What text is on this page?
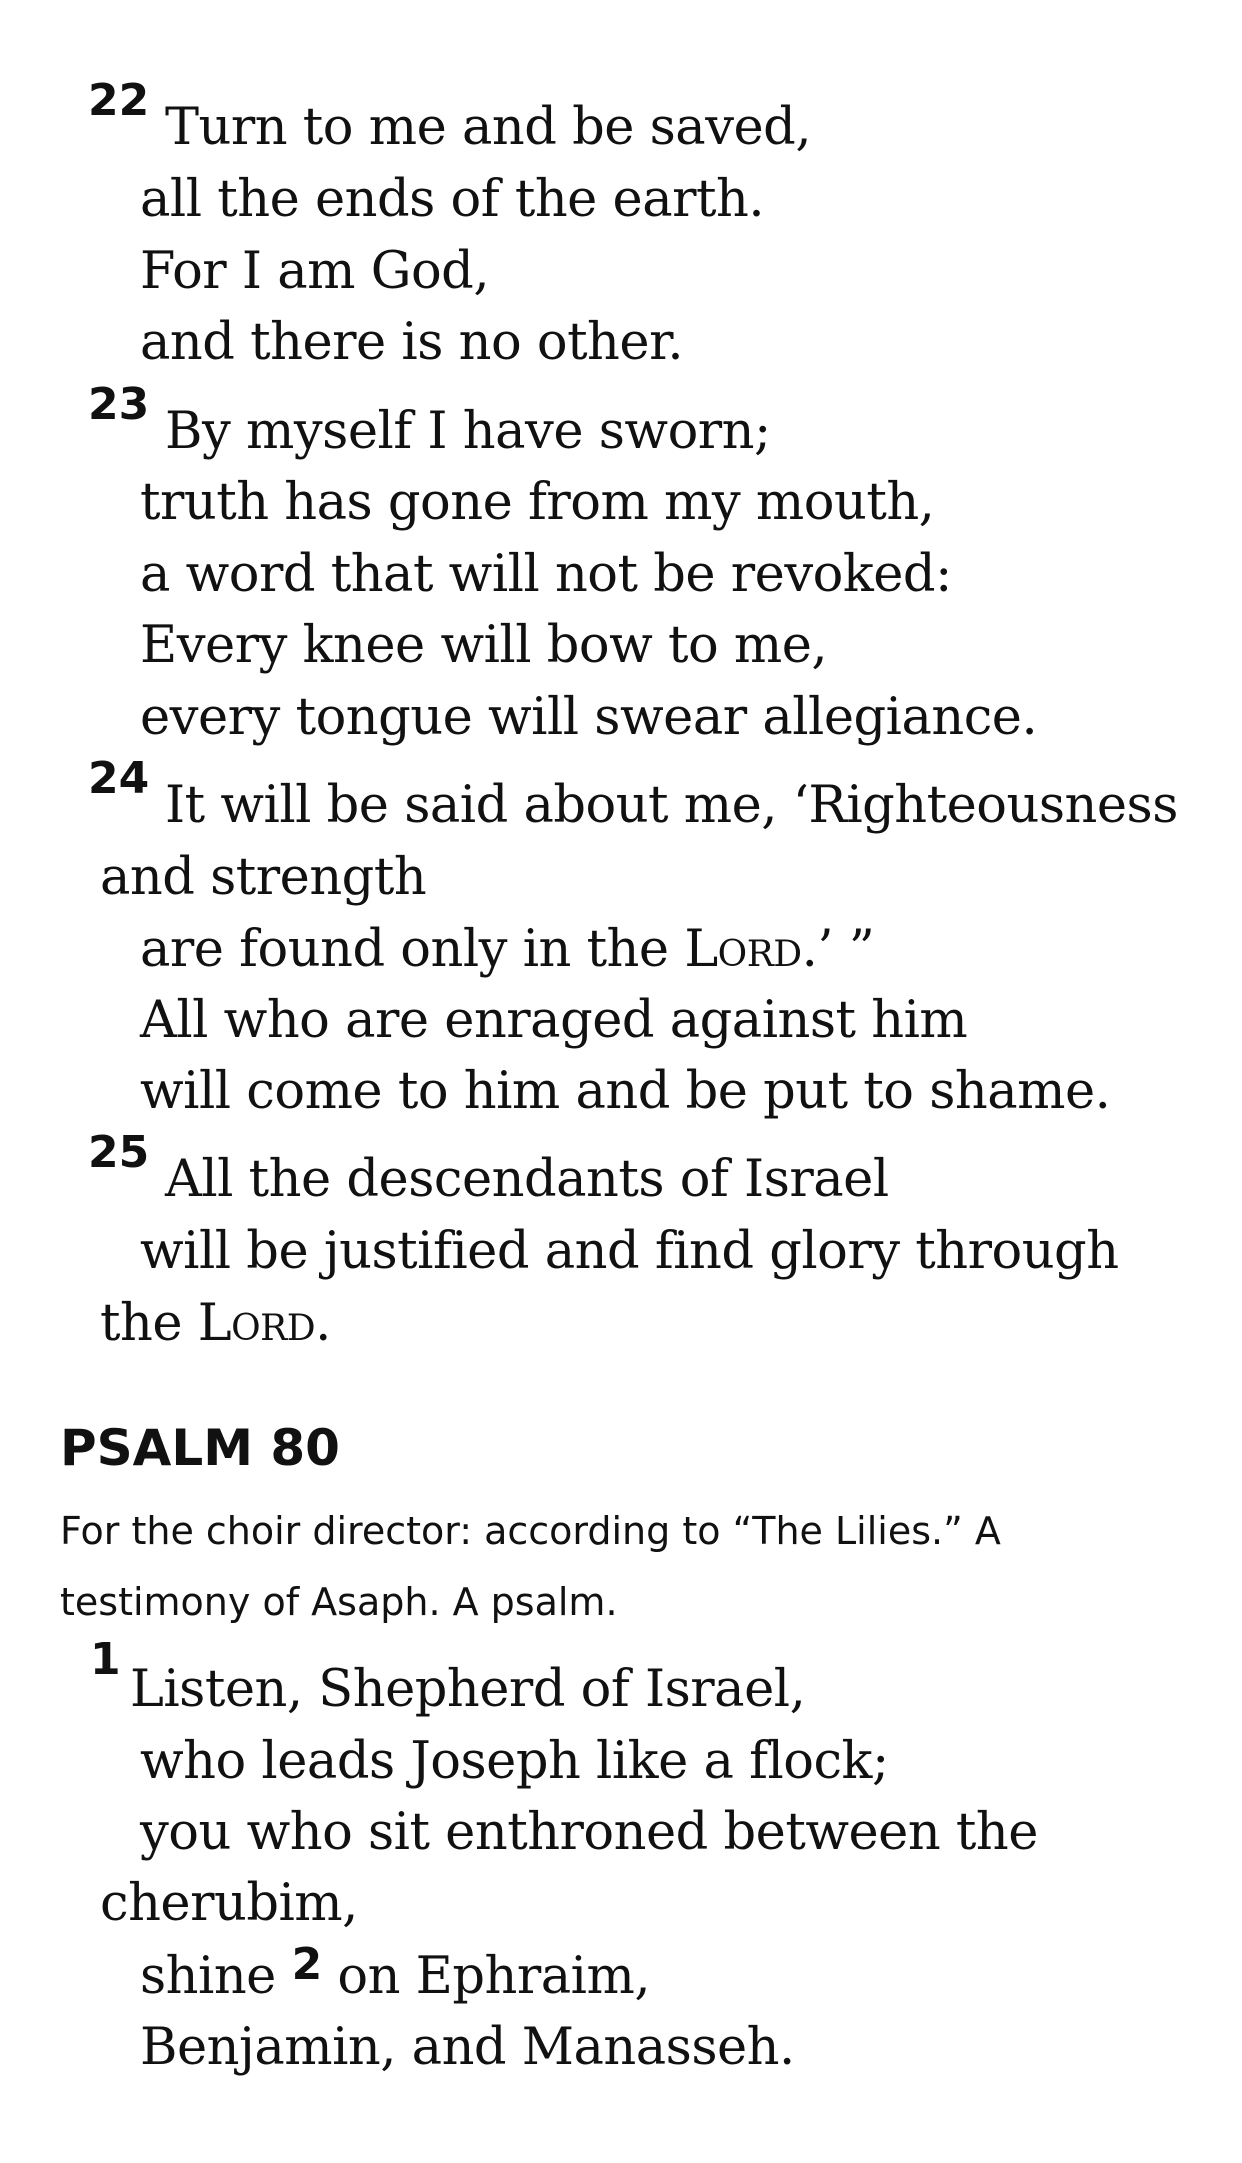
22 Turn to me and be saved,
all the ends of the earth.
For I am God,
and there is no other.
23 By myself I have sworn;
truth has gone from my mouth,
a word that will not be revoked:
Every knee will bow to me,
every tongue will swear allegiance.
24 It will be said about me, ‘Righteousness
and strength
are found only in the Lord.’ ”
All who are enraged against him
will come to him and be put to shame.
25 All the descendants of Israel
will be justified and find glory through
the Lord.
PSALM 80
For the choir director: according to “The Lilies.” A
testimony of Asaph. A psalm.
1
Listen, Shepherd of Israel,
who leads Joseph like a flock;
you who sit enthroned between the
cherubim,
shine 2 on Ephraim,
Benjamin, and Manasseh.
